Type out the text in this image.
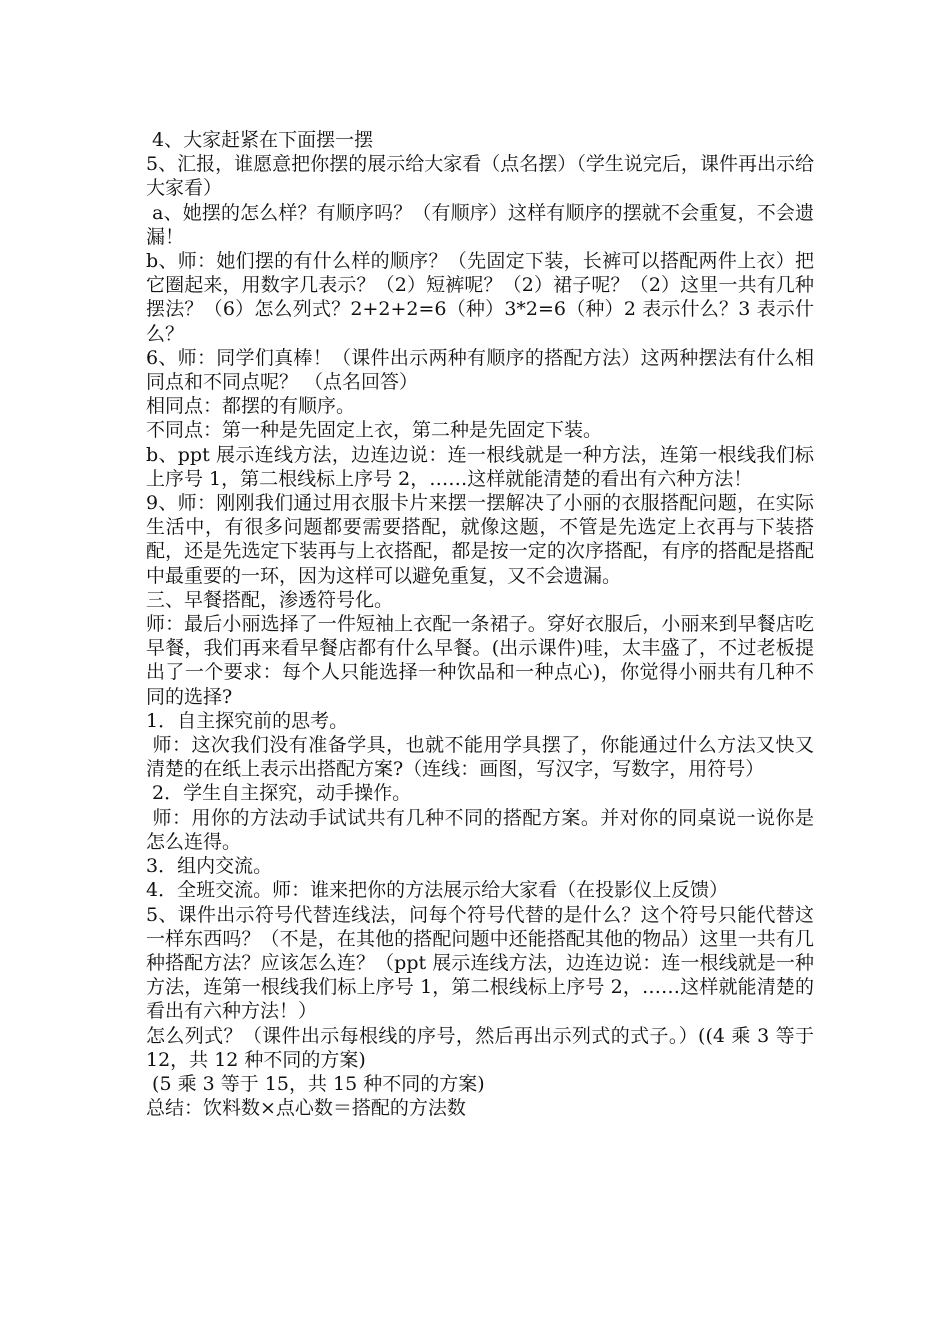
4、大家赶紧在下面摆一摆

5、汇报，谁愿意把你摆的展示给大家看（点名摆）（学生说完后，课件再出示给大家看）

a、她摆的怎么样？有顺序吗？（有顺序）这样有顺序的摆就不会重复，不会遗漏！

b、师：她们摆的有什么样的顺序？（先固定下装，长裤可以搭配两件上衣）把它圈起来，用数字几表示？（2）短裤呢？（2）裙子呢？（2）这里一共有几种摆法？（6）怎么列式？2+2+2=6（种）3*2=6（种）2 表示什么？3 表示什么？

6、师：同学们真棒！（课件出示两种有顺序的搭配方法）这两种摆法有什么相同点和不同点呢？ （点名回答）

相同点：都摆的有顺序。

不同点：第一种是先固定上衣，第二种是先固定下装。

b、ppt 展示连线方法，边连边说：连一根线就是一种方法，连第一根线我们标上序号 1，第二根线标上序号 2，……这样就能清楚的看出有六种方法！

9、师：刚刚我们通过用衣服卡片来摆一摆解决了小丽的衣服搭配问题，在实际生活中，有很多问题都要需要搭配，就像这题，不管是先选定上衣再与下装搭配，还是先选定下装再与上衣搭配，都是按一定的次序搭配，有序的搭配是搭配中最重要的一环，因为这样可以避免重复，又不会遗漏。

三、早餐搭配，渗透符号化。

师：最后小丽选择了一件短袖上衣配一条裙子。穿好衣服后，小丽来到早餐店吃早餐，我们再来看早餐店都有什么早餐。(出示课件)哇，太丰盛了，不过老板提出了一个要求：每个人只能选择一种饮品和一种点心)，你觉得小丽共有几种不同的选择?

1．自主探究前的思考。

师：这次我们没有准备学具，也就不能用学具摆了，你能通过什么方法又快又清楚的在纸上表示出搭配方案?（连线：画图，写汉字，写数字，用符号）

2．学生自主探究，动手操作。

师：用你的方法动手试试共有几种不同的搭配方案。并对你的同桌说一说你是怎么连得。

3．组内交流。

4．全班交流。师：谁来把你的方法展示给大家看（在投影仪上反馈）

5、课件出示符号代替连线法，问每个符号代替的是什么？这个符号只能代替这一样东西吗？（不是，在其他的搭配问题中还能搭配其他的物品）这里一共有几种搭配方法？应该怎么连？（ppt 展示连线方法，边连边说：连一根线就是一种方法，连第一根线我们标上序号 1，第二根线标上序号 2，……这样就能清楚的看出有六种方法！）

怎么列式？（课件出示每根线的序号，然后再出示列式的式子。）((4 乘 3 等于 12，共 12 种不同的方案)

(5 乘 3 等于 15，共 15 种不同的方案)

总结：饮料数×点心数＝搭配的方法数
